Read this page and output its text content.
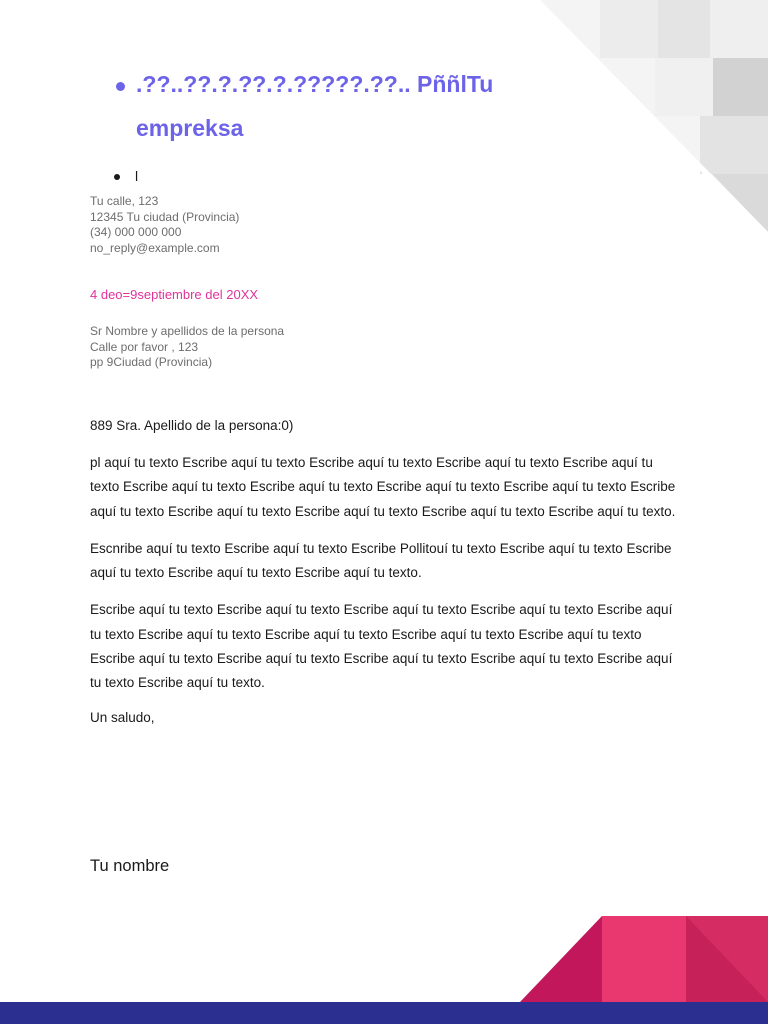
.??..??.?.??.?.?????.??.. PññlTu empreksa
l
Tu calle, 123
12345 Tu ciudad (Provincia)
(34) 000 000 000
no_reply@example.com
4 deo=9septiembre del 20XX
Sr Nombre y apellidos de la persona
Calle por favor , 123
pp 9Ciudad (Provincia)
889 Sra. Apellido de la persona:0)

pl aquí tu texto Escribe aquí tu texto Escribe aquí tu texto Escribe aquí tu texto Escribe aquí tu texto Escribe aquí tu texto Escribe aquí tu texto Escribe aquí tu texto Escribe aquí tu texto Escribe aquí tu texto Escribe aquí tu texto Escribe aquí tu texto Escribe aquí tu texto Escribe aquí tu texto.

Escnribe aquí tu texto Escribe aquí tu texto Escribe Pollitouí tu texto Escribe aquí tu texto Escribe aquí tu texto Escribe aquí tu texto Escribe aquí tu texto.

Escribe aquí tu texto Escribe aquí tu texto Escribe aquí tu texto Escribe aquí tu texto Escribe aquí tu texto Escribe aquí tu texto Escribe aquí tu texto Escribe aquí tu texto Escribe aquí tu texto Escribe aquí tu texto Escribe aquí tu texto Escribe aquí tu texto Escribe aquí tu texto Escribe aquí tu texto Escribe aquí tu texto.

Un saludo,
Tu nombre
